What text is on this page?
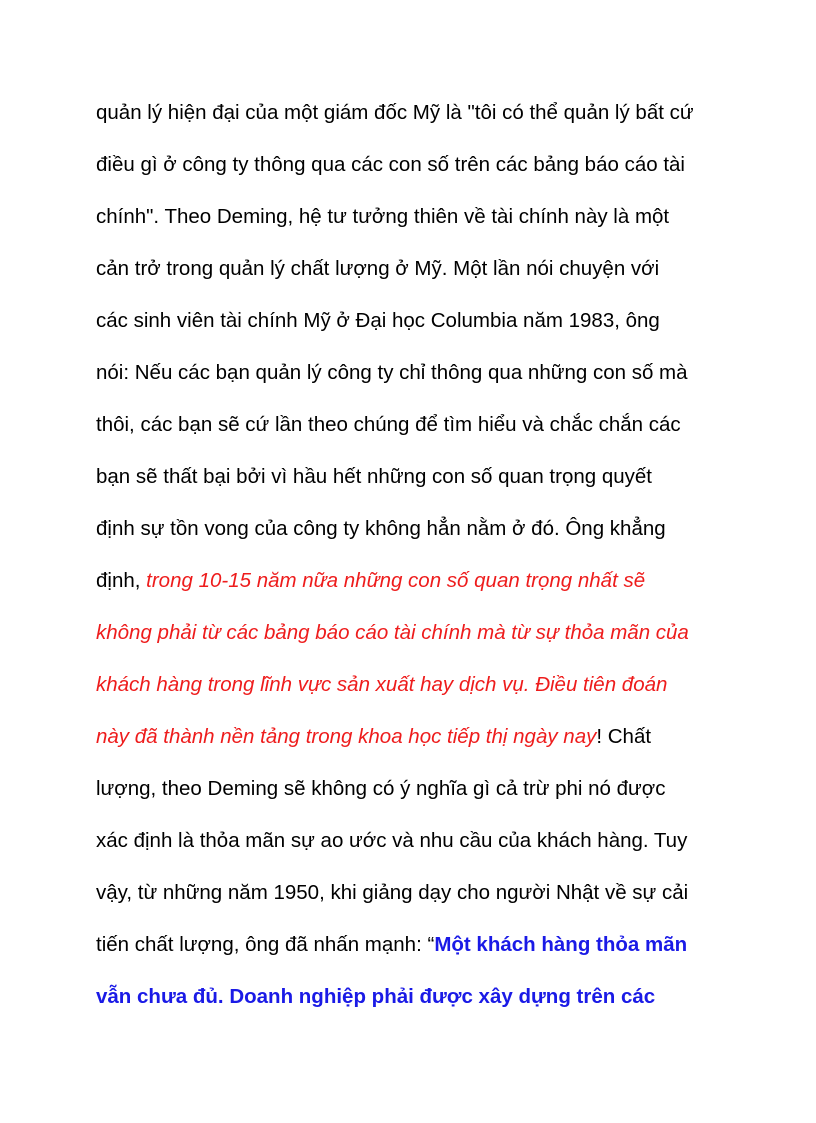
quản lý hiện đại của một giám đốc Mỹ là "tôi có thể quản lý bất cứ
điều gì ở công ty thông qua các con số trên các bảng báo cáo tài
chính". Theo Deming, hệ tư tưởng thiên về tài chính này là một
cản trở trong quản lý chất lượng ở Mỹ. Một lần nói chuyện với
các sinh viên tài chính Mỹ ở Đại học Columbia năm 1983, ông
nói: Nếu các bạn quản lý công ty chỉ thông qua những con số mà
thôi, các bạn sẽ cứ lần theo chúng để tìm hiểu và chắc chắn các
bạn sẽ thất bại bởi vì hầu hết những con số quan trọng quyết
định sự tồn vong của công ty không hẳn nằm ở đó. Ông khẳng
định, trong 10-15 năm nữa những con số quan trọng nhất sẽ
không phải từ các bảng báo cáo tài chính mà từ sự thỏa mãn của
khách hàng trong lĩnh vực sản xuất hay dịch vụ. Điều tiên đoán
này đã thành nền tảng trong khoa học tiếp thị ngày nay! Chất
lượng, theo Deming sẽ không có ý nghĩa gì cả trừ phi nó được
xác định là thỏa mãn sự ao ước và nhu cầu của khách hàng. Tuy
vậy, từ những năm 1950, khi giảng dạy cho người Nhật về sự cải
tiến chất lượng, ông đã nhấn mạnh: “Một khách hàng thỏa mãn
vẫn chưa đủ. Doanh nghiệp phải được xây dựng trên các
